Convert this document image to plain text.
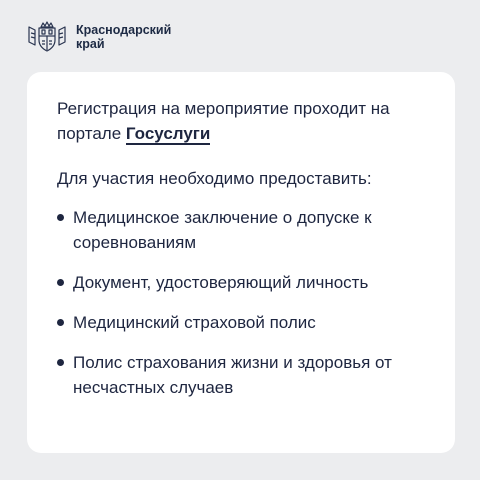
Краснодарский край

Регистрация на мероприятие проходит на портале Госуслуги

Для участия необходимо предоставить:

Медицинское заключение о допуске к соревнованиям
Документ, удостоверяющий личность
Медицинский страховой полис
Полис страхования жизни и здоровья от несчастных случаев
